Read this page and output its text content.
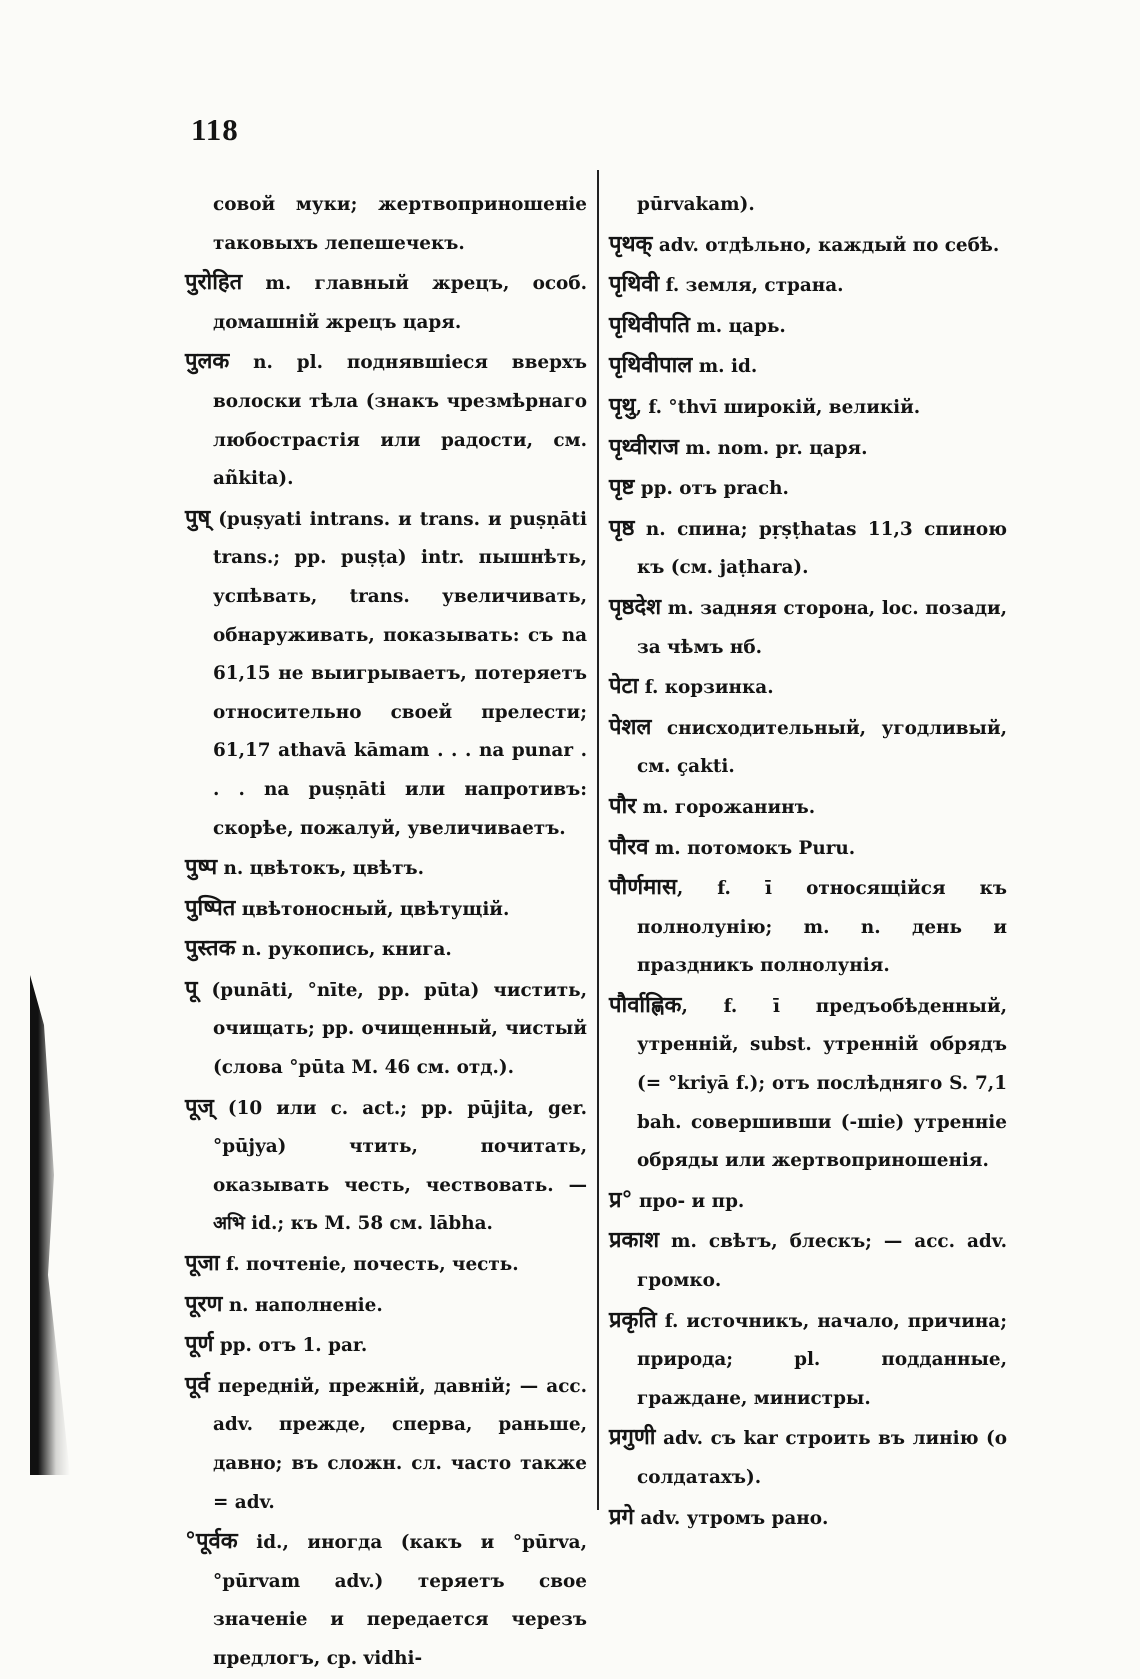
118

совой муки; жертвоприношеніе таковыхъ лепешечекъ.

पुरोहित m. главный жрецъ, особ. домашній жрецъ царя.

पुलक n. pl. поднявшіеся вверхъ волоски тѣла (знакъ чрезмѣрнаго любострастія или радости, см. añkita).

पुष् (puṣyati intrans. и trans. и puṣṇāti trans.; pp. puṣṭa) intr. пышнѣть, успѣвать, trans. увеличивать, обнаруживать, показывать: съ na 61,15 не выигрываетъ, потеряетъ относительно своей прелести; 61,17 athavā kāmam . . . na punar . . . na puṣṇāti или напротивъ: скорѣе, пожалуй, увеличиваетъ.

पुष्प n. цвѣтокъ, цвѣтъ.

पुष्पित цвѣтоносный, цвѣтущій.

पुस्तक n. рукопись, книга.

पू (punāti, °nīte, pp. pūta) чистить, очищать; pp. очищенный, чистый (слова °pūta M. 46 см. отд.).

पूज् (10 или c. act.; pp. pūjita, ger. °pūjya) чтить, почитать, оказывать честь, чествовать. — अभि id.; къ M. 58 см. lābha.

पूजा f. почтеніе, почесть, честь.

पूरण n. наполненіе.

पूर्ण pp. отъ 1. par.

पूर्व передній, прежній, давній; — acc. adv. прежде, сперва, раньше, давно; въ сложн. сл. часто также = adv.

°पूर्वक id., иногда (какъ и °pūrva, °pūrvam adv.) теряетъ свое значеніе и передается черезъ предлогъ, ср. vidhi-

pūrvakam).

पृथक् adv. отдѣльно, каждый по себѣ.

पृथिवी f. земля, страна.

पृथिवीपति m. царь.

पृथिवीपाल m. id.

पृथु, f. °thvī широкій, великій.

पृथ्वीराज m. nom. pr. царя.

पृष्ट pp. отъ prach.

पृष्ठ n. спина; pṛṣṭhatas 11,3 спиною къ (см. jaṭhara).

पृष्ठदेश m. задняя сторона, loc. позади, за чѣмъ нб.

पेटा f. корзинка.

पेशल снисходительный, угодливый, см. çakti.

पौर m. горожанинъ.

पौरव m. потомокъ Puru.

पौर्णमास, f. ī относящійся къ полнолунію; m. n. день и праздникъ полнолунія.

पौर्वाह्णिक, f. ī предъобѣденный, утренній, subst. утренній обрядъ (= °kriyā f.); отъ послѣдняго S. 7,1 bah. совершивши (-шіе) утренніе обряды или жертвоприношенія.

प्र° про- и пр.

प्रकाश m. свѣтъ, блескъ; — acc. adv. громко.

प्रकृति f. источникъ, начало, причина; природа; pl. подданные, граждане, министры.

प्रगुणी adv. съ kar строить въ линію (о солдатахъ).

प्रगे adv. утромъ рано.
